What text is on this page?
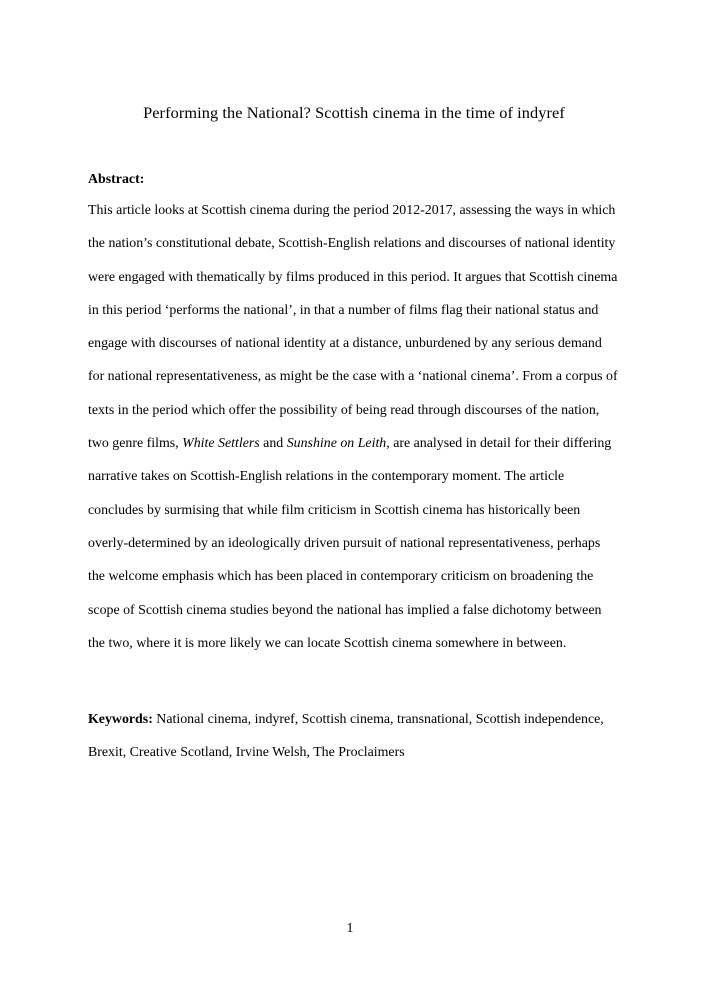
Performing the National? Scottish cinema in the time of indyref

Abstract:

This article looks at Scottish cinema during the period 2012-2017, assessing the ways in which the nation’s constitutional debate, Scottish-English relations and discourses of national identity were engaged with thematically by films produced in this period. It argues that Scottish cinema in this period ‘performs the national’, in that a number of films flag their national status and engage with discourses of national identity at a distance, unburdened by any serious demand for national representativeness, as might be the case with a ‘national cinema’. From a corpus of texts in the period which offer the possibility of being read through discourses of the nation, two genre films, White Settlers and Sunshine on Leith, are analysed in detail for their differing narrative takes on Scottish-English relations in the contemporary moment. The article concludes by surmising that while film criticism in Scottish cinema has historically been overly-determined by an ideologically driven pursuit of national representativeness, perhaps the welcome emphasis which has been placed in contemporary criticism on broadening the scope of Scottish cinema studies beyond the national has implied a false dichotomy between the two, where it is more likely we can locate Scottish cinema somewhere in between.

Keywords: National cinema, indyref, Scottish cinema, transnational, Scottish independence, Brexit, Creative Scotland, Irvine Welsh, The Proclaimers

1
